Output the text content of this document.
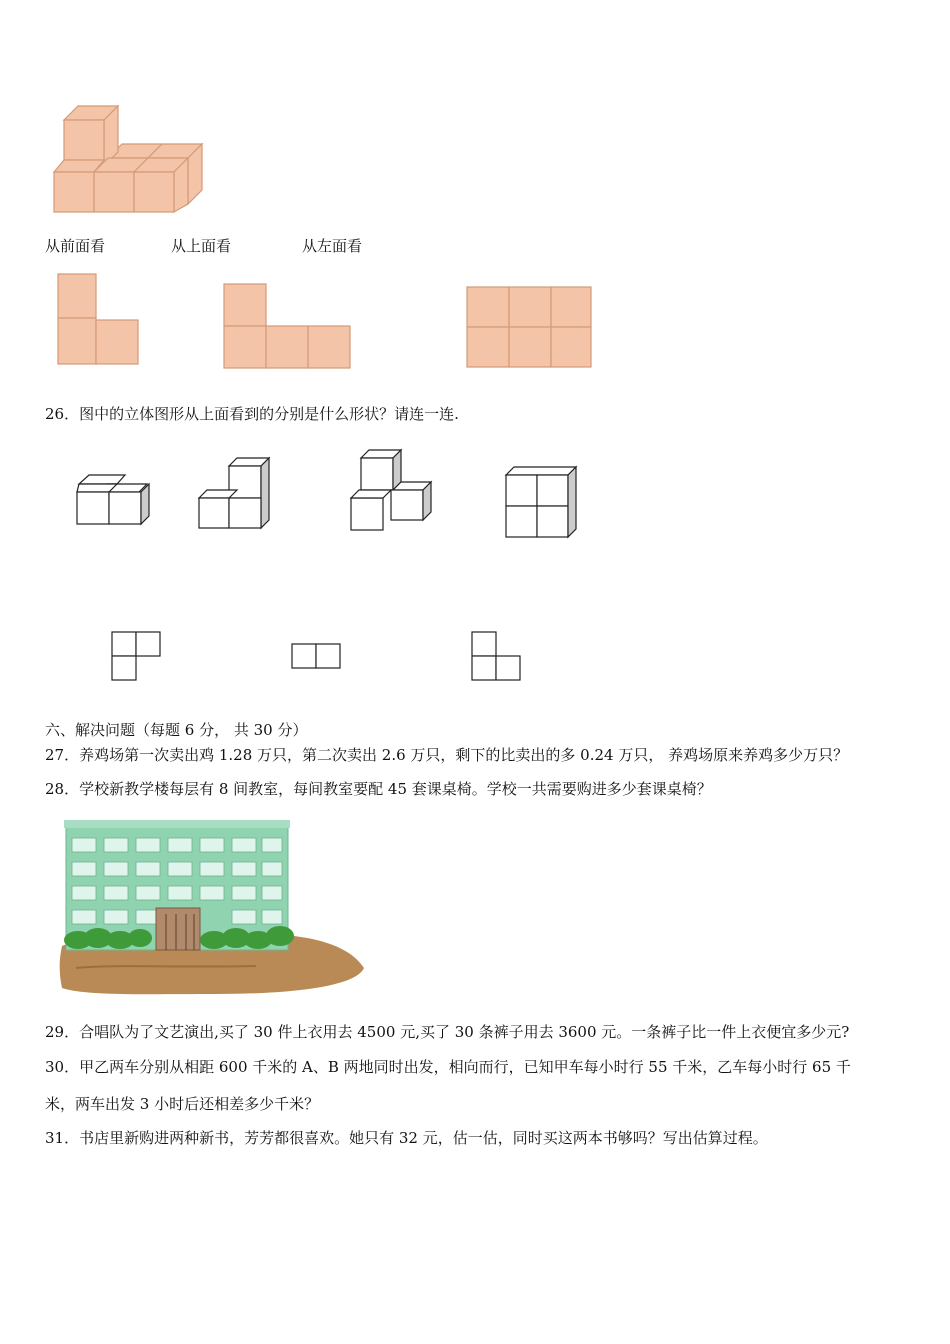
从前面看	从上面看	从左面看
26．图中的立体图形从上面看到的分别是什么形状？请连一连.
六、解决问题（每题 6 分， 共 30 分）
27．养鸡场第一次卖出鸡 1.28 万只，第二次卖出 2.6 万只，剩下的比卖出的多 0.24 万只， 养鸡场原来养鸡多少万只？
28．学校新教学楼每层有 8 间教室，每间教室要配 45 套课桌椅。学校一共需要购进多少套课桌椅？
29．合唱队为了文艺演出,买了 30 件上衣用去 4500 元,买了 30 条裤子用去 3600 元。一条裤子比一件上衣便宜多少元?
30．甲乙两车分别从相距 600 千米的 A、B 两地同时出发，相向而行，已知甲车每小时行 55 千米，乙车每小时行 65 千
米，两车出发 3 小时后还相差多少千米？
31．书店里新购进两种新书，芳芳都很喜欢。她只有 32 元，估一估，同时买这两本书够吗？写出估算过程。
